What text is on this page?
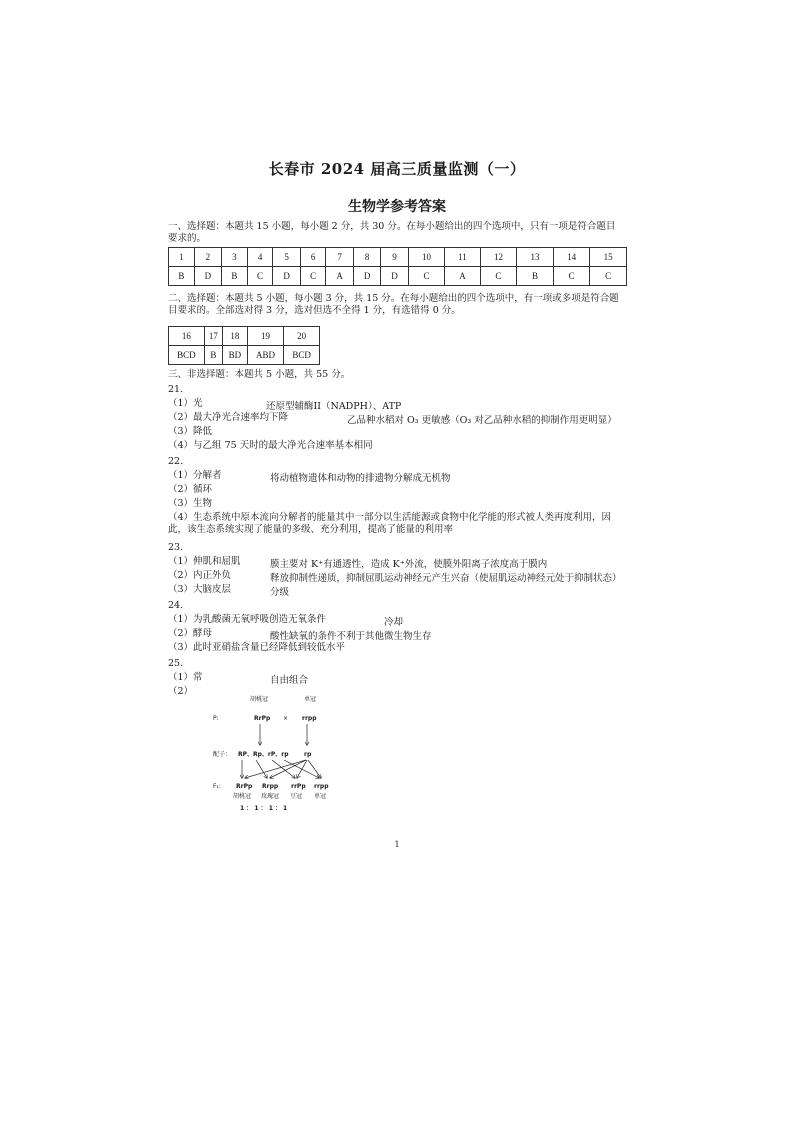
长春市 2024 届高三质量监测（一）
生物学参考答案
一、选择题：本题共 15 小题，每小题 2 分，共 30 分。在每小题给出的四个选项中，只有一项是符合题目要求的。
1	2	3	4	5	6	7	8	9	10	11	12	13	14	15
B	D	B	C	D	C	A	D	D	C	A	C	B	C	C
二、选择题：本题共 5 小题，每小题 3 分，共 15 分。在每小题给出的四个选项中，有一项或多项是符合题目要求的。全部选对得 3 分，选对但选不全得 1 分，有选错得 0 分。
16	17	18	19	20
BCD	B	BD	ABD	BCD
三、非选择题：本题共 5 小题，共 55 分。
21.
（1）光	还原型辅酶II（NADPH）、ATP
（2）最大净光合速率均下降	乙品种水稻对 O₃ 更敏感（O₃ 对乙品种水稻的抑制作用更明显）
（3）降低
（4）与乙组 75 天时的最大净光合速率基本相同
22.
（1）分解者	将动植物遗体和动物的排遗物分解成无机物
（2）循环
（3）生物
（4）生态系统中原本流向分解者的能量其中一部分以生活能源或食物中化学能的形式被人类再度利用，因此，该生态系统实现了能量的多级、充分利用，提高了能量的利用率
23.
（1）伸肌和屈肌	膜主要对 K⁺有通透性，造成 K⁺外流，使膜外阳离子浓度高于膜内
（2）内正外负	释放抑制性递质，抑制屈肌运动神经元产生兴奋（使屈肌运动神经元处于抑制状态）
（3）大脑皮层	分级
24.
（1）为乳酸菌无氧呼吸创造无氧条件	冷却
（2）酵母	酸性缺氧的条件不利于其他微生物生存
（3）此时亚硝盐含量已经降低到较低水平
25.
（1）常	自由组合
（2）
胡桃冠	单冠
P:	RrPp × rrpp
配子： RP、Rp、rP、rp	rp
F₁:	RrPp Rrpp rrPp rrpp
胡桃冠 玫瑰冠 豆冠 单冠
1 ： 1 ： 1 ： 1
1
